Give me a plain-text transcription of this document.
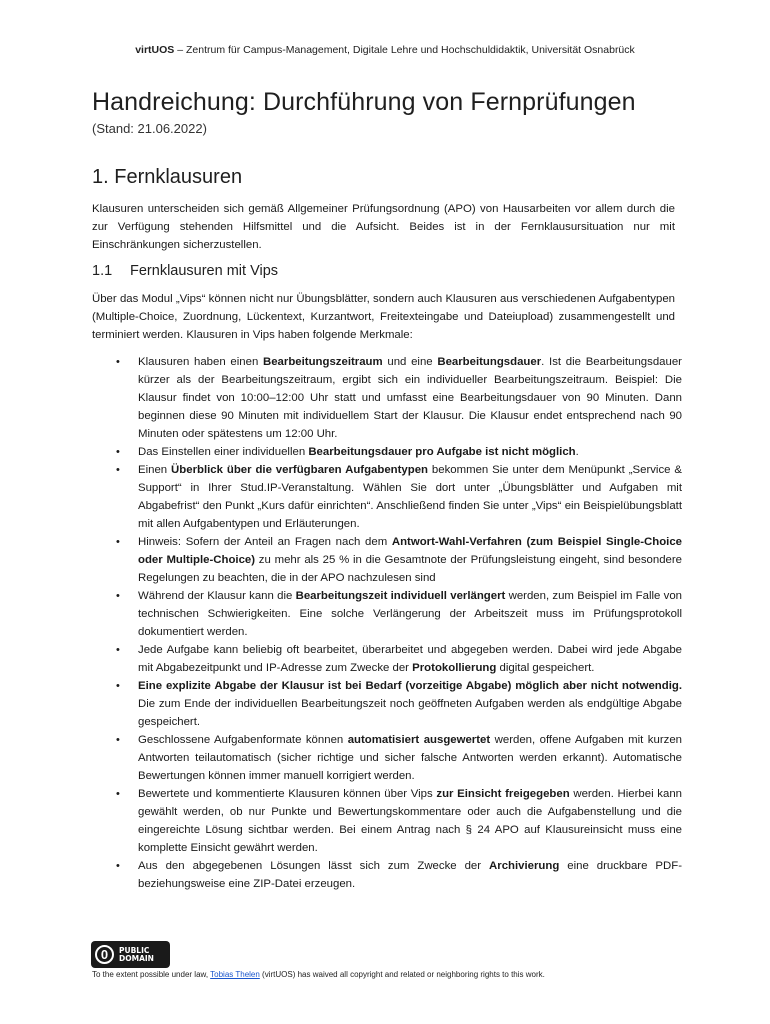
virtUOS – Zentrum für Campus-Management, Digitale Lehre und Hochschuldidaktik, Universität Osnabrück
Handreichung: Durchführung von Fernprüfungen
(Stand: 21.06.2022)
1. Fernklausuren

Klausuren unterscheiden sich gemäß Allgemeiner Prüfungsordnung (APO) von Hausarbeiten vor allem durch die zur Verfügung stehenden Hilfsmittel und die Aufsicht. Beides ist in der Fernklausursituation nur mit Einschränkungen sicherzustellen.

1.1 Fernklausuren mit Vips

Über das Modul „Vips“ können nicht nur Übungsblätter, sondern auch Klausuren aus verschiedenen Aufgabentypen (Multiple-Choice, Zuordnung, Lückentext, Kurzantwort, Freitexteingabe und Dateiupload) zusammengestellt und terminiert werden. Klausuren in Vips haben folgende Merkmale:

• Klausuren haben einen Bearbeitungszeitraum und eine Bearbeitungsdauer. Ist die Bearbeitungsdauer kürzer als der Bearbeitungszeitraum, ergibt sich ein individueller Bearbeitungszeitraum. Beispiel: Die Klausur findet von 10:00–12:00 Uhr statt und umfasst eine Bearbeitungsdauer von 90 Minuten. Dann beginnen diese 90 Minuten mit individuellem Start der Klausur. Die Klausur endet entsprechend nach 90 Minuten oder spätestens um 12:00 Uhr.
• Das Einstellen einer individuellen Bearbeitungsdauer pro Aufgabe ist nicht möglich.
• Einen Überblick über die verfügbaren Aufgabentypen bekommen Sie unter dem Menüpunkt „Service & Support“ in Ihrer Stud.IP-Veranstaltung. Wählen Sie dort unter „Übungsblätter und Aufgaben mit Abgabefrist“ den Punkt „Kurs dafür einrichten“. Anschließend finden Sie unter „Vips“ ein Beispielübungsblatt mit allen Aufgabentypen und Erläuterungen.
• Hinweis: Sofern der Anteil an Fragen nach dem Antwort-Wahl-Verfahren (zum Beispiel Single-Choice oder Multiple-Choice) zu mehr als 25 % in die Gesamtnote der Prüfungsleistung eingeht, sind besondere Regelungen zu beachten, die in der APO nachzulesen sind
• Während der Klausur kann die Bearbeitungszeit individuell verlängert werden, zum Beispiel im Falle von technischen Schwierigkeiten. Eine solche Verlängerung der Arbeitszeit muss im Prüfungsprotokoll dokumentiert werden.
• Jede Aufgabe kann beliebig oft bearbeitet, überarbeitet und abgegeben werden. Dabei wird jede Abgabe mit Abgabezeitpunkt und IP-Adresse zum Zwecke der Protokollierung digital gespeichert.
• Eine explizite Abgabe der Klausur ist bei Bedarf (vorzeitige Abgabe) möglich aber nicht notwendig. Die zum Ende der individuellen Bearbeitungszeit noch geöffneten Aufgaben werden als endgültige Abgabe gespeichert.
• Geschlossene Aufgabenformate können automatisiert ausgewertet werden, offene Aufgaben mit kurzen Antworten teilautomatisch (sicher richtige und sicher falsche Antworten werden erkannt). Automatische Bewertungen können immer manuell korrigiert werden.
• Bewertete und kommentierte Klausuren können über Vips zur Einsicht freigegeben werden. Hierbei kann gewählt werden, ob nur Punkte und Bewertungskommentare oder auch die Aufgabenstellung und die eingereichte Lösung sichtbar werden. Bei einem Antrag nach § 24 APO auf Klausureinsicht muss eine komplette Einsicht gewährt werden.
• Aus den abgegebenen Lösungen lässt sich zum Zwecke der Archivierung eine druckbare PDF- beziehungsweise eine ZIP-Datei erzeugen.
0	PUBLIC
DOMAIN
To the extent possible under law, Tobias Thelen (virtUOS) has waived all copyright and related or neighboring rights to this work.
